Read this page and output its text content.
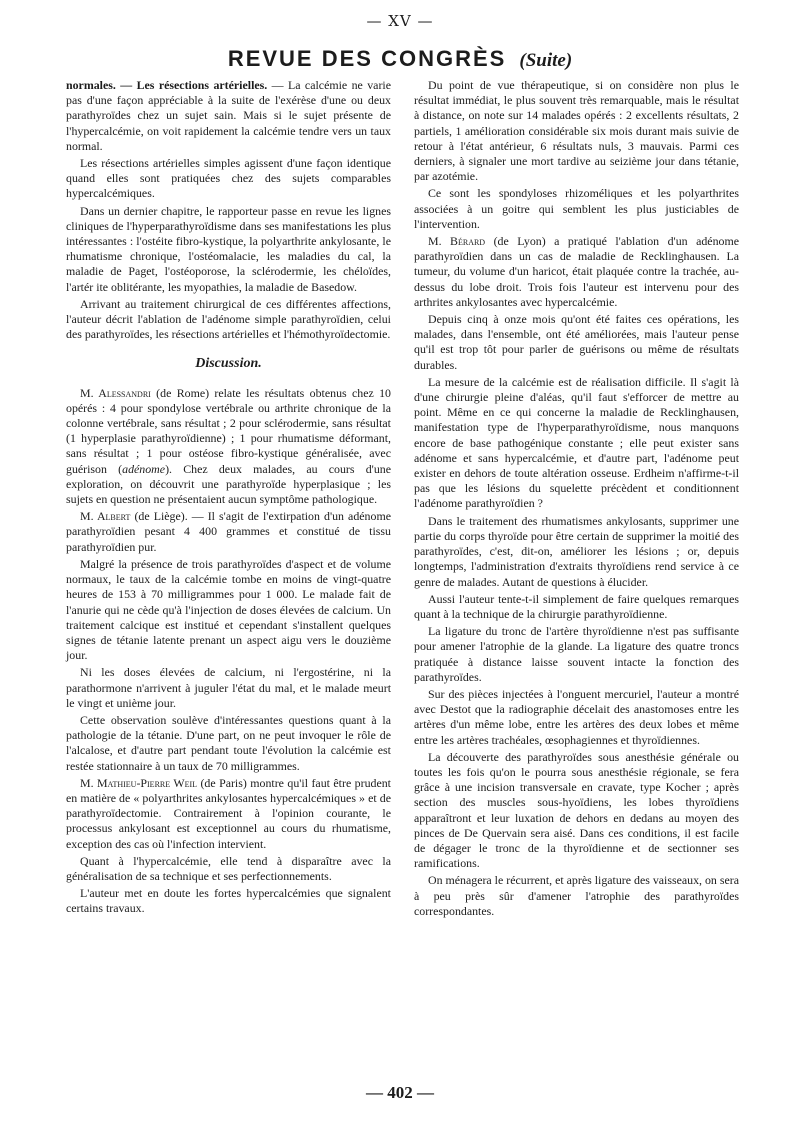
— XV —
REVUE DES CONGRÈS (Suite)

normales. — Les résections artérielles. — La calcémie ne varie pas d'une façon appréciable à la suite de l'exérèse d'une ou deux parathyroïdes chez un sujet sain. Mais si le sujet présente de l'hypercalcémie, on voit rapidement la calcémie tendre vers un taux normal.

Les résections artérielles simples agissent d'une façon identique quand elles sont pratiquées chez des sujets comparables hypercalcémiques.

Dans un dernier chapitre, le rapporteur passe en revue les lignes cliniques de l'hyperparathyroïdisme dans ses manifestations les plus intéressantes : l'ostéite fibro-kystique, la polyarthrite ankylosante, le rhumatisme chronique, l'ostéomalacie, les maladies du cal, la maladie de Paget, l'ostéoporose, la sclérodermie, les chéloïdes, l'artér ite oblitérante, les myopathies, la maladie de Basedow.

Arrivant au traitement chirurgical de ces différentes affections, l'auteur décrit l'ablation de l'adénome simple parathyroïdien, celui des parathyroïdes, les résections artérielles et l'hémothyroïdectomie.

Discussion.

M. Alessandri (de Rome) relate les résultats obtenus chez 10 opérés : 4 pour spondylose vertébrale ou arthrite chronique de la colonne vertébrale, sans résultat ; 2 pour sclérodermie, sans résultat (1 hyperplasie parathyroïdienne) ; 1 pour rhumatisme déformant, sans résultat ; 1 pour ostéose fibro-kystique généralisée, avec guérison (adénome). Chez deux malades, au cours d'une exploration, on découvrit une parathyroïde hyperplasique ; les sujets en question ne présentaient aucun symptôme pathologique.

M. Albert (de Liège). — Il s'agit de l'extirpation d'un adénome parathyroïdien pesant 4 400 grammes et constitué de tissu parathyroïdien pur.

Malgré la présence de trois parathyroïdes d'aspect et de volume normaux, le taux de la calcémie tombe en moins de vingt-quatre heures de 153 à 70 milligrammes pour 1 000. Le malade fait de l'anurie qui ne cède qu'à l'injection de doses élevées de calcium. Un traitement calcique est institué et cependant s'installent quelques signes de tétanie latente prenant un aspect aigu vers le douzième jour.

Ni les doses élevées de calcium, ni l'ergostérine, ni la parathormone n'arrivent à juguler l'état du mal, et le malade meurt le vingt et unième jour.

Cette observation soulève d'intéressantes questions quant à la pathologie de la tétanie. D'une part, on ne peut invoquer le rôle de l'alcalose, et d'autre part pendant toute l'évolution la calcémie est restée stationnaire à un taux de 70 milligrammes.

M. Mathieu-Pierre Weil (de Paris) montre qu'il faut être prudent en matière de « polyarthrites ankylosantes hypercalcémiques » et de parathyroïdectomie. Contrairement à l'opinion courante, le processus ankylosant est exceptionnel au cours du rhumatisme, exception des cas où l'infection intervient.

Quant à l'hypercalcémie, elle tend à disparaître avec la généralisation de sa technique et ses perfectionnements.

L'auteur met en doute les fortes hypercalcémies que signalent certains travaux.

Du point de vue thérapeutique, si on considère non plus le résultat immédiat, le plus souvent très remarquable, mais le résultat à distance, on note sur 14 malades opérés : 2 excellents résultats, 2 partiels, 1 amélioration considérable six mois durant mais suivie de retour à l'état antérieur, 6 résultats nuls, 3 mauvais. Parmi ces derniers, à signaler une mort tardive au seizième jour dans tétanie, par azotémie.

Ce sont les spondyloses rhizoméliques et les polyarthrites associées à un goitre qui semblent les plus justiciables de l'intervention.

M. Bérard (de Lyon) a pratiqué l'ablation d'un adénome parathyroïdien dans un cas de maladie de Recklinghausen. La tumeur, du volume d'un haricot, était plaquée contre la trachée, au-dessus du lobe droit. Trois fois l'auteur est intervenu pour des arthrites ankylosantes avec hypercalcémie.

Depuis cinq à onze mois qu'ont été faites ces opérations, les malades, dans l'ensemble, ont été améliorées, mais l'auteur pense qu'il est trop tôt pour parler de guérisons ou même de résultats durables.

La mesure de la calcémie est de réalisation difficile. Il s'agit là d'une chirurgie pleine d'aléas, qu'il faut s'efforcer de mettre au point. Même en ce qui concerne la maladie de Recklinghausen, manifestation type de l'hyperparathyroïdisme, nous manquons encore de base pathogénique constante ; elle peut exister sans adénome et sans hypercalcémie, et d'autre part, l'adénome peut exister en dehors de toute altération osseuse. Erdheim n'affirme-t-il pas que les lésions du squelette précèdent et conditionnent l'adénome parathyroïdien ?

Dans le traitement des rhumatismes ankylosants, supprimer une partie du corps thyroïde pour être certain de supprimer la moitié des parathyroïdes, c'est, dit-on, améliorer les lésions ; or, depuis longtemps, l'administration d'extraits thyroïdiens rend service à ce genre de malades. Autant de questions à élucider.

Aussi l'auteur tente-t-il simplement de faire quelques remarques quant à la technique de la chirurgie parathyroïdienne.

La ligature du tronc de l'artère thyroïdienne n'est pas suffisante pour amener l'atrophie de la glande. La ligature des quatre troncs pratiquée à distance laisse souvent intacte la fonction des parathyroïdes.

Sur des pièces injectées à l'onguent mercuriel, l'auteur a montré avec Destot que la radiographie décelait des anastomoses entre les artères d'un même lobe, entre les artères des deux lobes et même entre les artères trachéales, œsophagiennes et thyroïdiennes.

La découverte des parathyroïdes sous anesthésie générale ou toutes les fois qu'on le pourra sous anesthésie régionale, se fera grâce à une incision transversale en cravate, type Kocher ; après section des muscles sous-hyoïdiens, les lobes thyroïdiens apparaîtront et leur luxation de dehors en dedans au moyen des pinces de De Quervain sera aisé. Dans ces conditions, il est facile de dégager le tronc de la thyroïdienne et de sectionner ses ramifications.

On ménagera le récurrent, et après ligature des vaisseaux, on sera à peu près sûr d'amener l'atrophie des parathyroïdes correspondantes.

— 402 —
